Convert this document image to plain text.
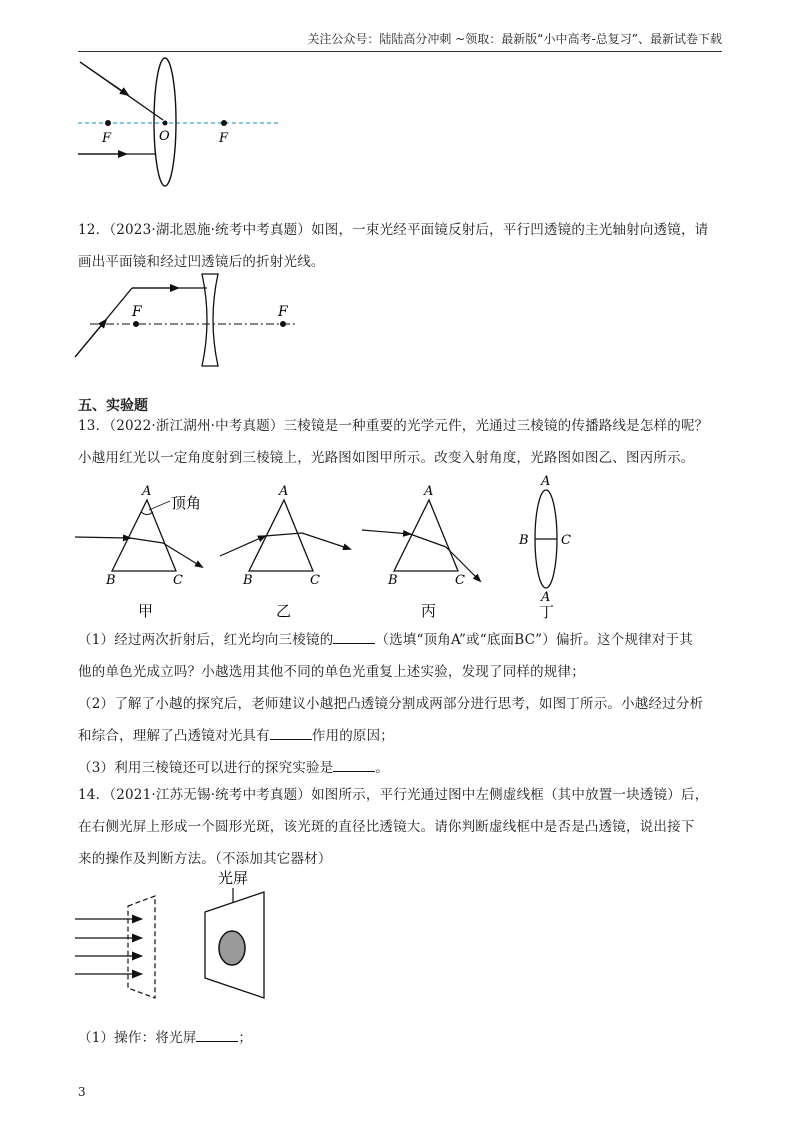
关注公众号：陆陆高分冲刺 ~领取：最新版“小中高考-总复习”、最新试卷下载
F	O	F
12．（2023·湖北恩施·统考中考真题）如图，一束光经平面镜反射后，平行凹透镜的主光轴射向透镜，请
画出平面镜和经过凹透镜后的折射光线。
F	F
五、实验题
13．（2022·浙江湖州·中考真题）三棱镜是一种重要的光学元件，光通过三棱镜的传播路线是怎样的呢？
小越用红光以一定角度射到三棱镜上，光路图如图甲所示。改变入射角度，光路图如图乙、图丙所示。
A
顶角
B	C
甲
A
B	C
乙
A
B	C
丙
A
B C
A
丁
（1）经过两次折射后，红光均向三棱镜的	（选填“顶角A”或“底面BC”）偏折。这个规律对于其
他的单色光成立吗？小越选用其他不同的单色光重复上述实验，发现了同样的规律；
（2）了解了小越的探究后，老师建议小越把凸透镜分割成两部分进行思考，如图丁所示。小越经过分析
和综合，理解了凸透镜对光具有	作用的原因；
（3）利用三棱镜还可以进行的探究实验是	。
14．（2021·江苏无锡·统考中考真题）如图所示，平行光通过图中左侧虚线框（其中放置一块透镜）后，
在右侧光屏上形成一个圆形光斑，该光斑的直径比透镜大。请你判断虚线框中是否是凸透镜，说出接下
来的操作及判断方法。（不添加其它器材）
光屏
（1）操作：将光屏	；
3
